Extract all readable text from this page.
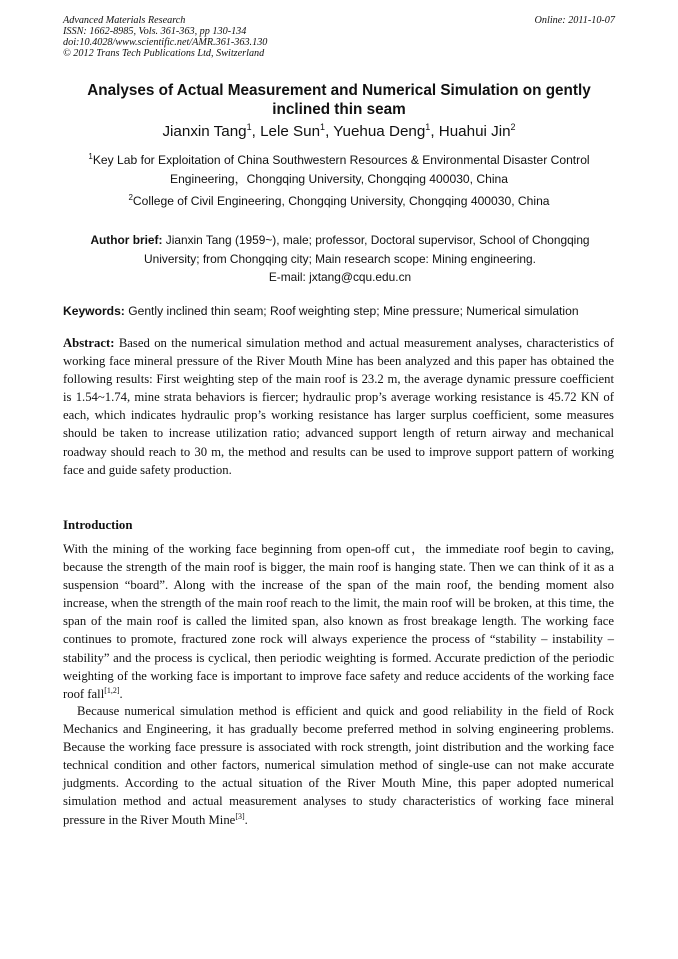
Advanced Materials Research
ISSN: 1662-8985, Vols. 361-363, pp 130-134
doi:10.4028/www.scientific.net/AMR.361-363.130
© 2012 Trans Tech Publications Ltd, Switzerland
Online: 2011-10-07
Analyses of Actual Measurement and Numerical Simulation on gently inclined thin seam
Jianxin Tang$^1$, Lele Sun$^1$, Yuehua Deng$^1$, Huahui Jin$^2$
$^1$Key Lab for Exploitation of China Southwestern Resources & Environmental Disaster Control Engineering，Chongqing University, Chongqing 400030, China
$^2$College of Civil Engineering, Chongqing University, Chongqing 400030, China
Author brief: Jianxin Tang (1959~), male; professor, Doctoral supervisor, School of Chongqing University; from Chongqing city; Main research scope: Mining engineering.
E-mail: jxtang@cqu.edu.cn
Keywords: Gently inclined thin seam; Roof weighting step; Mine pressure; Numerical simulation
Abstract: Based on the numerical simulation method and actual measurement analyses, characteristics of working face mineral pressure of the River Mouth Mine has been analyzed and this paper has obtained the following results: First weighting step of the main roof is 23.2 m, the average dynamic pressure coefficient is 1.54~1.74, mine strata behaviors is fiercer; hydraulic prop’s average working resistance is 45.72 KN of each, which indicates hydraulic prop’s working resistance has larger surplus coefficient, some measures should be taken to increase utilization ratio; advanced support length of return airway and mechanical roadway should reach to 30 m, the method and results can be used to improve support pattern of working face and guide safety production.
Introduction
With the mining of the working face beginning from open-off cut，the immediate roof begin to caving, because the strength of the main roof is bigger, the main roof is hanging state. Then we can think of it as a suspension “board”. Along with the increase of the span of the main roof, the bending moment also increase, when the strength of the main roof reach to the limit, the main roof will be broken, at this time, the span of the main roof is called the limited span, also known as frost breakage length. The working face continues to promote, fractured zone rock will always experience the process of “stability – instability – stability” and the process is cyclical, then periodic weighting is formed. Accurate prediction of the periodic weighting of the working face is important to improve face safety and reduce accidents of the working face roof fall[1,2].
Because numerical simulation method is efficient and quick and good reliability in the field of Rock Mechanics and Engineering, it has gradually become preferred method in solving engineering problems. Because the working face pressure is associated with rock strength, joint distribution and the working face technical condition and other factors, numerical simulation method of single-use can not make accurate judgments. According to the actual situation of the River Mouth Mine, this paper adopted numerical simulation method and actual measurement analyses to study characteristics of working face mineral pressure in the River Mouth Mine[3].
